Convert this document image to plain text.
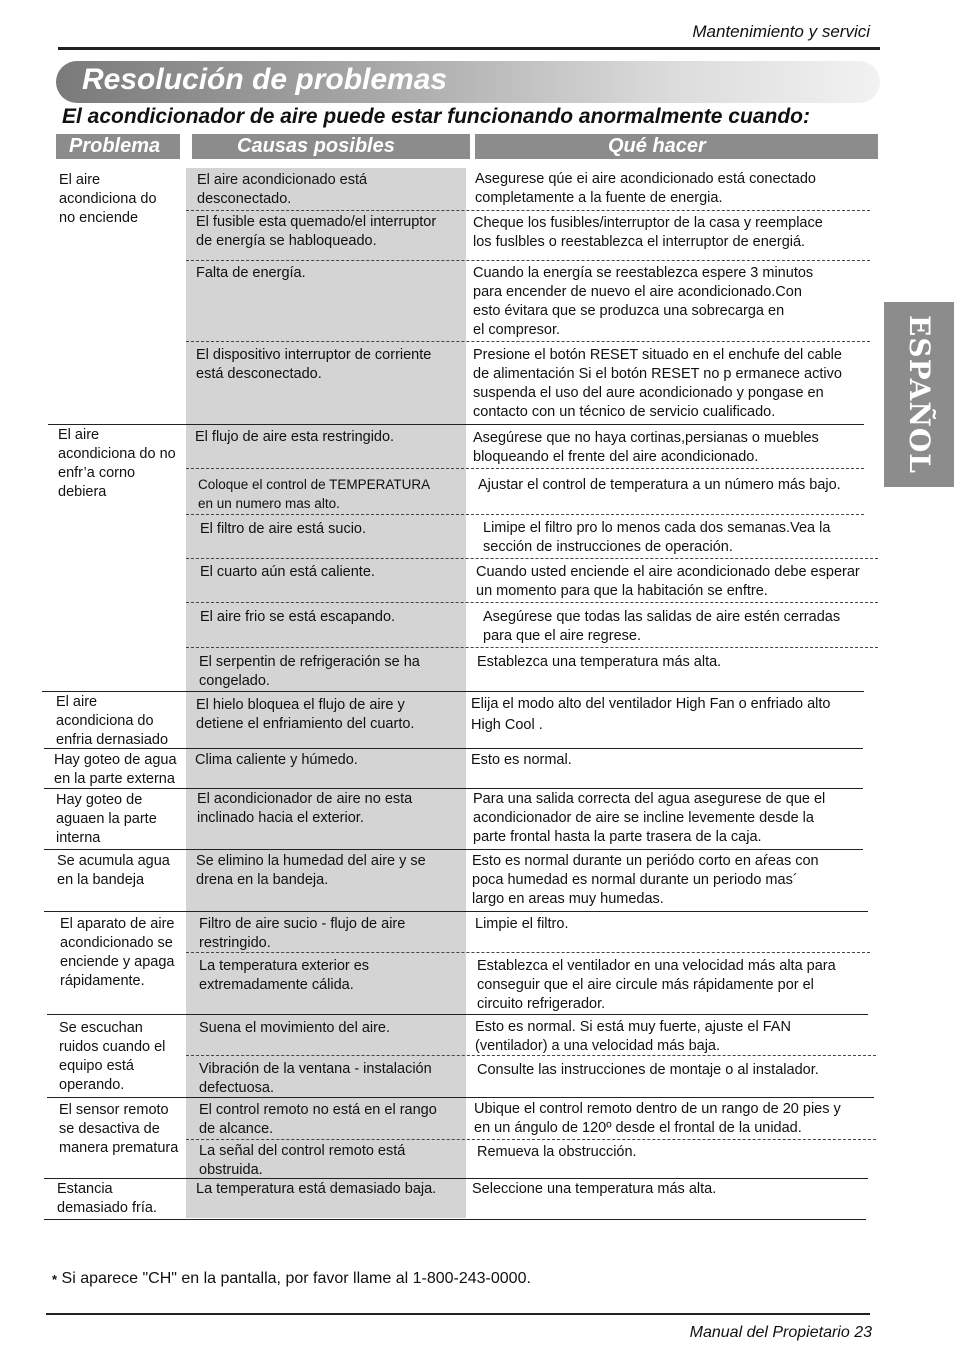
Mantenimiento y servici
Resolución de problemas
El acondicionador de aire puede estar funcionando anormalmente cuando:
Problema	Causas posibles	Qué hacer
ESPAÑOL
El aire
acondiciona do
no enciende
El aire
acondiciona do no
enfr’a corno
debiera
El aire
acondiciona do
enfria dernasiado
Hay goteo de agua
en la parte externa
Hay goteo de
aguaen la parte
interna
Se acumula agua
en la bandeja
El aparato de aire
acondicionado se
enciende y apaga
rápidamente.
Se escuchan
ruidos cuando el
equipo está
operando.
El sensor remoto
se desactiva de
manera prematura
Estancia
demasiado fría.
El aire acondicionado está
desconectado.
El fusible esta quemado/el interruptor
de energía se habloqueado.
Falta de energía.
El dispositivo interruptor de corriente
está desconectado.
El flujo de aire esta restringido.
Coloque el control de TEMPERATURA
en un numero mas alto.
El filtro de aire está sucio.
El cuarto aún está caliente.
El aire frio se está escapando.
El serpentin de refrigeración se ha
congelado.
El hielo bloquea el flujo de aire y
detiene el enfriamiento del cuarto.
Clima caliente y húmedo.
El acondicionador de aire no esta
inclinado hacia el exterior.
Se elimino la humedad del aire y se
drena en la bandeja.
Filtro de aire sucio - flujo de aire
restringido.
La temperatura exterior es
extremadamente cálida.
Suena el movimiento del aire.
Vibración de la ventana - instalación
defectuosa.
El control remoto no está en el rango
de alcance.
La señal del control remoto está
obstruida.
La temperatura está demasiado baja.
Asegurese qúe ei aire acondicionado está conectado
completamente a la fuente de energia.
Cheque los fusibles/interruptor de la casa y reemplace
los fuslbles o reestablezca el interruptor de energiá.
Cuando la energía se reestablezca espere 3 minutos
para encender de nuevo el aire acondicionado.Con
esto évitara que se produzca una sobrecarga en
el compresor.
Presione el botón RESET situado en el enchufe del cable
de alimentación Si el botón RESET no p ermanece activo
suspenda el uso del aure acondicionado y pongase en
contacto con un técnico de servicio cualificado.
Asegúrese que no haya cortinas,persianas o muebles
bloqueando el frente del aire acondicionado.
Ajustar el control de temperatura a un número más bajo.
Limipe el filtro pro lo menos cada dos semanas.Vea la
sección de instrucciones de operación.
Cuando usted enciende el aire acondicionado debe esperar
un momento para que la habitación se enftre.
Asegúrese que todas las salidas de aire estén cerradas
para que el aire regrese.
Establezca una temperatura más alta.
Elija el modo alto del ventilador High Fan o enfriado alto
High Cool .
Esto es normal.
Para una salida correcta del agua asegurese de que el
acondicionador de aire se incline levemente desde la
parte frontal hasta la parte trasera de la caja.
Esto es normal durante un periódo corto en aŕeas con
poca humedad es normal durante un periodo mas´
largo en areas muy humedas.
Limpie el filtro.
Establezca el ventilador en una velocidad más alta para
conseguir que el aire circule más rápidamente por el
circuito refrigerador.
Esto es normal. Si está muy fuerte, ajuste el FAN
(ventilador) a una velocidad más baja.
Consulte las instrucciones de montaje o al instalador.
Ubique el control remoto dentro de un rango de 20 pies y
en un ángulo de 120º desde el frontal de la unidad.
Remueva la obstrucción.
Seleccione una temperatura más alta.
* Si aparece "CH" en la pantalla, por favor llame al 1-800-243-0000.
Manual del Propietario 23
